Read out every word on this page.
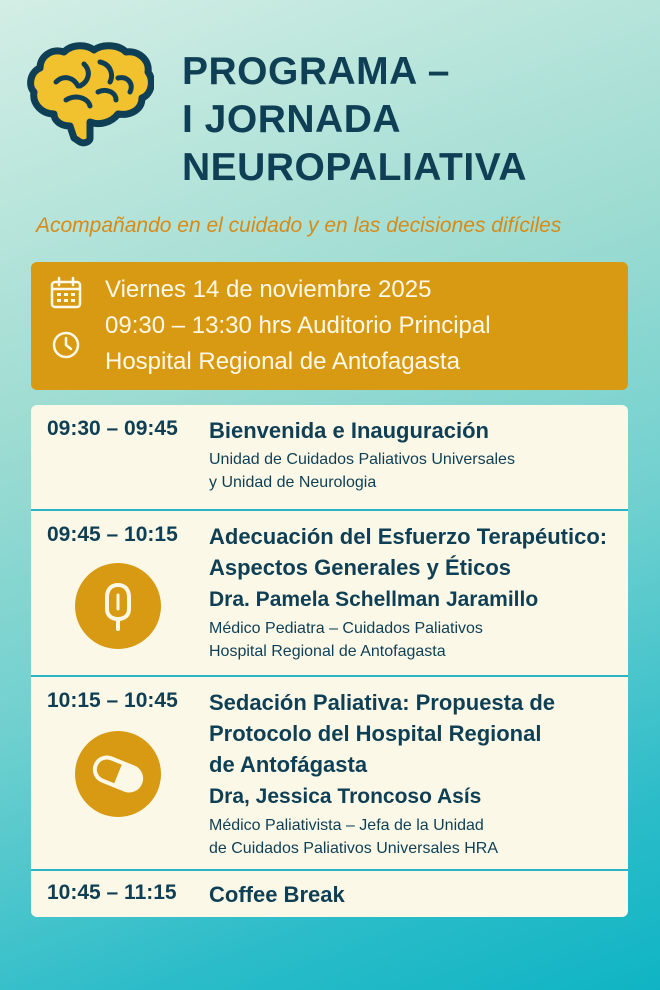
PROGRAMA –
I JORNADA
NEUROPALIATIVA

Acompañando en el cuidado y en las decisiones difíciles

Viernes 14 de noviembre 2025
09:30 – 13:30 hrs Auditorio Principal
Hospital Regional de Antofagasta
09:30 – 09:45	Bienvenida e Inauguración
Unidad de Cuidados Paliativos Universales
y Unidad de Neurologia
09:45 – 10:15	Adecuación del Esfuerzo Terapéutico:
Aspectos Generales y Éticos
Dra. Pamela Schellman Jaramillo
Médico Pediatra – Cuidados Paliativos
Hospital Regional de Antofagasta
10:15 – 10:45	Sedación Paliativa: Propuesta de
Protocolo del Hospital Regional
de Antofágasta
Dra, Jessica Troncoso Asís
Médico Paliativista – Jefa de la Unidad
de Cuidados Paliativos Universales HRA
10:45 – 11:15	Coffee Break
